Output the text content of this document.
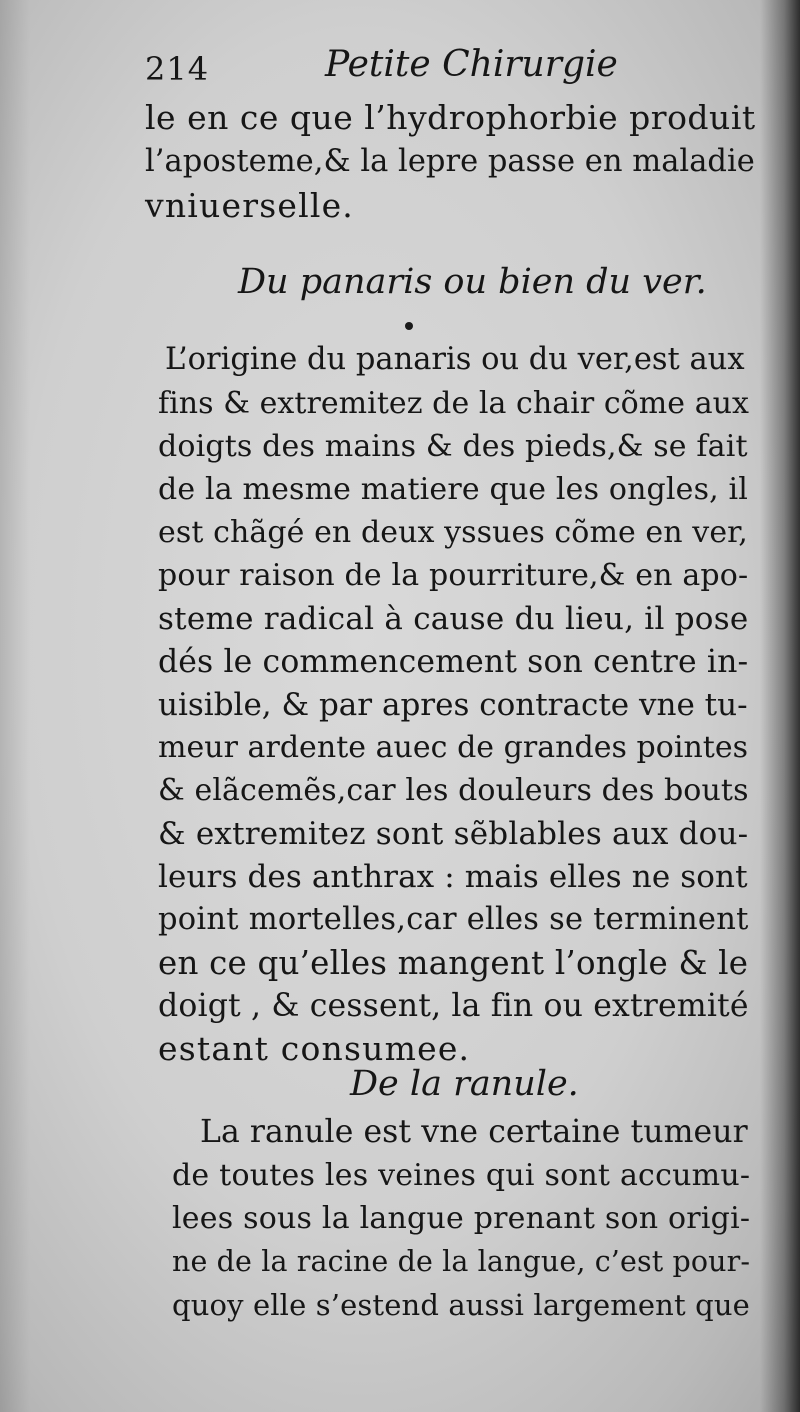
214	Petite Chirurgie
le en ce que l’hydrophorbie produit
l’aposteme,& la lepre passe en maladie
vniuerselle.
Du panaris ou bien du ver.
L’origine du panaris ou du ver,est aux
fins & extremitez de la chair cõme aux
doigts des mains & des pieds,& se fait
de la mesme matiere que les ongles, il
est chãgé en deux yssues cõme en ver,
pour raison de la pourriture,& en apo-
steme radical à cause du lieu, il pose
dés le commencement son centre in-
uisible, & par apres contracte vne tu-
meur ardente auec de grandes pointes
& elãcemẽs,car les douleurs des bouts
& extremitez sont sẽblables aux dou-
leurs des anthrax : mais elles ne sont
point mortelles,car elles se terminent
en ce qu’elles mangent l’ongle & le
doigt , & cessent, la fin ou extremité
estant consumee.
De la ranule.
La ranule est vne certaine tumeur
de toutes les veines qui sont accumu-
lees sous la langue prenant son origi-
ne de la racine de la langue, c’est pour-
quoy elle s’estend aussi largement que
